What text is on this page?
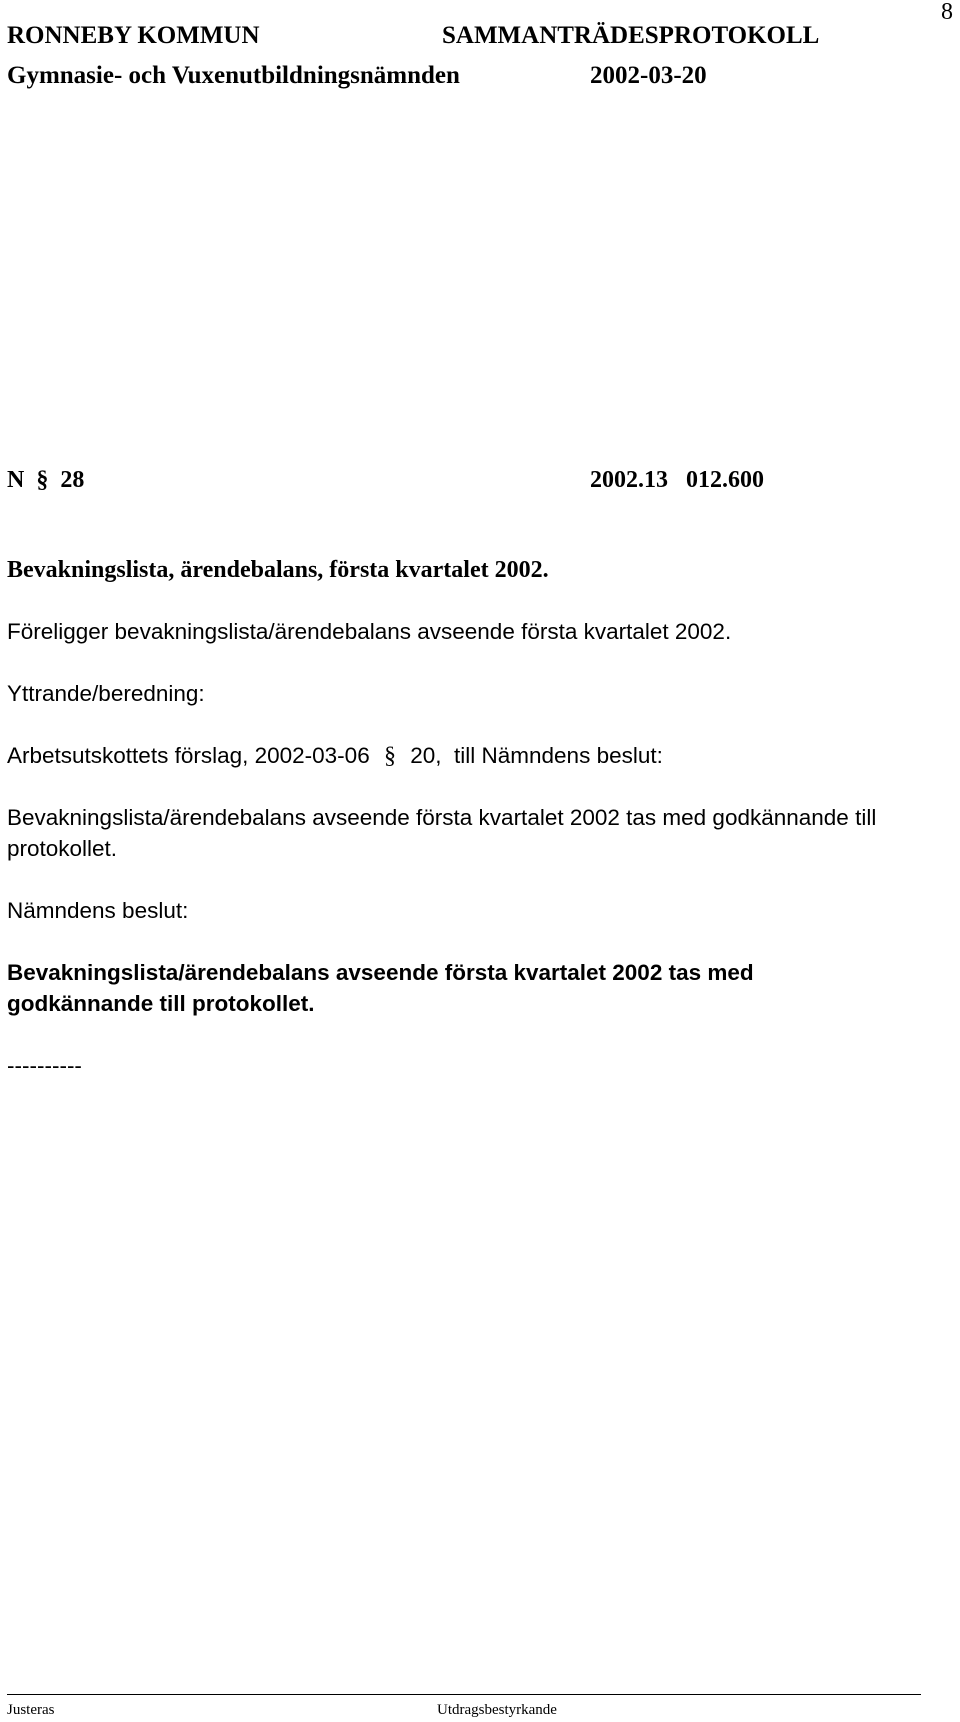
RONNEBY KOMMUN	SAMMANTRÄDESPROTOKOLL
8
Gymnasie- och Vuxenutbildningsnämnden	2002-03-20
N § 28	2002.13   012.600
Bevakningslista, ärendebalans, första kvartalet 2002.
Föreligger bevakningslista/ärendebalans avseende första kvartalet 2002.
Yttrande/beredning:
Arbetsutskottets förslag, 2002-03-06 § 20,  till Nämndens beslut:
Bevakningslista/ärendebalans avseende första kvartalet 2002 tas med godkännande till
protokollet.
Nämndens beslut:
Bevakningslista/ärendebalans avseende första kvartalet 2002 tas med
godkännande till protokollet.
----------
Justeras	Utdragsbestyrkande
